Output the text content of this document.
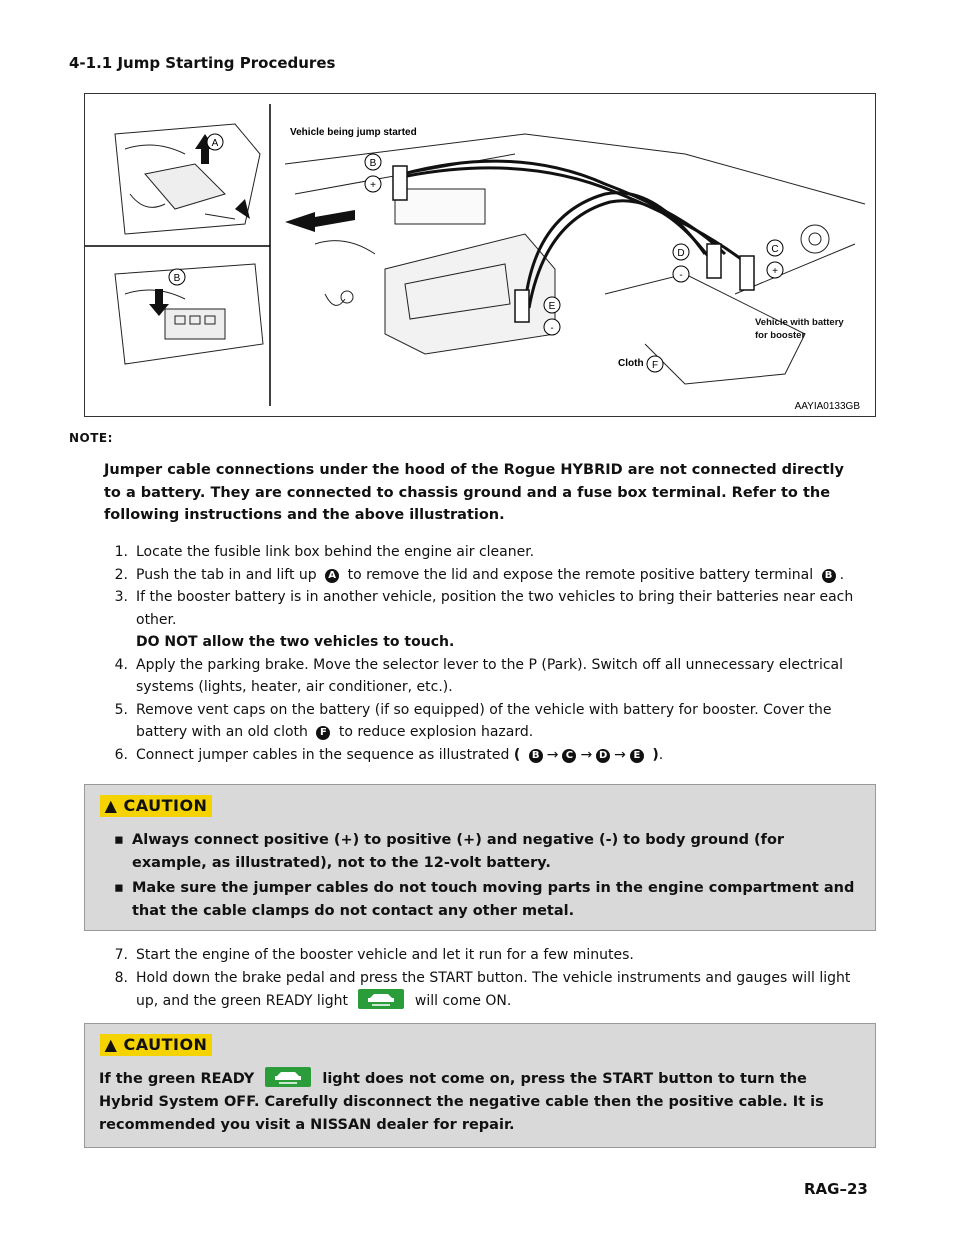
4-1.1 Jump Starting Procedures
A
B
Vehicle being jump started
B
+
D
-
C
+
E
-
F
Cloth
Vehicle with battery for booster
AAYIA0133GB
NOTE:
Jumper cable connections under the hood of the Rogue HYBRID are not connected directly to a battery. They are connected to chassis ground and a fuse box terminal. Refer to the following instructions and the above illustration.
1. Locate the fusible link box behind the engine air cleaner.
2. Push the tab in and lift up A to remove the lid and expose the remote positive battery terminal B .
3. If the booster battery is in another vehicle, position the two vehicles to bring their batteries near each other.
DO NOT allow the two vehicles to touch.
4. Apply the parking brake. Move the selector lever to the P (Park). Switch off all unnecessary electrical systems (lights, heater, air conditioner, etc.).
5. Remove vent caps on the battery (if so equipped) of the vehicle with battery for booster. Cover the battery with an old cloth F to reduce explosion hazard.
6. Connect jumper cables in the sequence as illustrated ( B → C → D → E ).
▲ CAUTION
▪ Always connect positive (+) to positive (+) and negative (-) to body ground (for example, as illustrated), not to the 12-volt battery.
▪ Make sure the jumper cables do not touch moving parts in the engine compartment and that the cable clamps do not contact any other metal.
7. Start the engine of the booster vehicle and let it run for a few minutes.
8. Hold down the brake pedal and press the START button. The vehicle instruments and gauges will light up, and the green READY light	will come ON.
▲ CAUTION
If the green READY	light does not come on, press the START button to turn the Hybrid System OFF. Carefully disconnect the negative cable then the positive cable. It is recommended you visit a NISSAN dealer for repair.
RAG–23
